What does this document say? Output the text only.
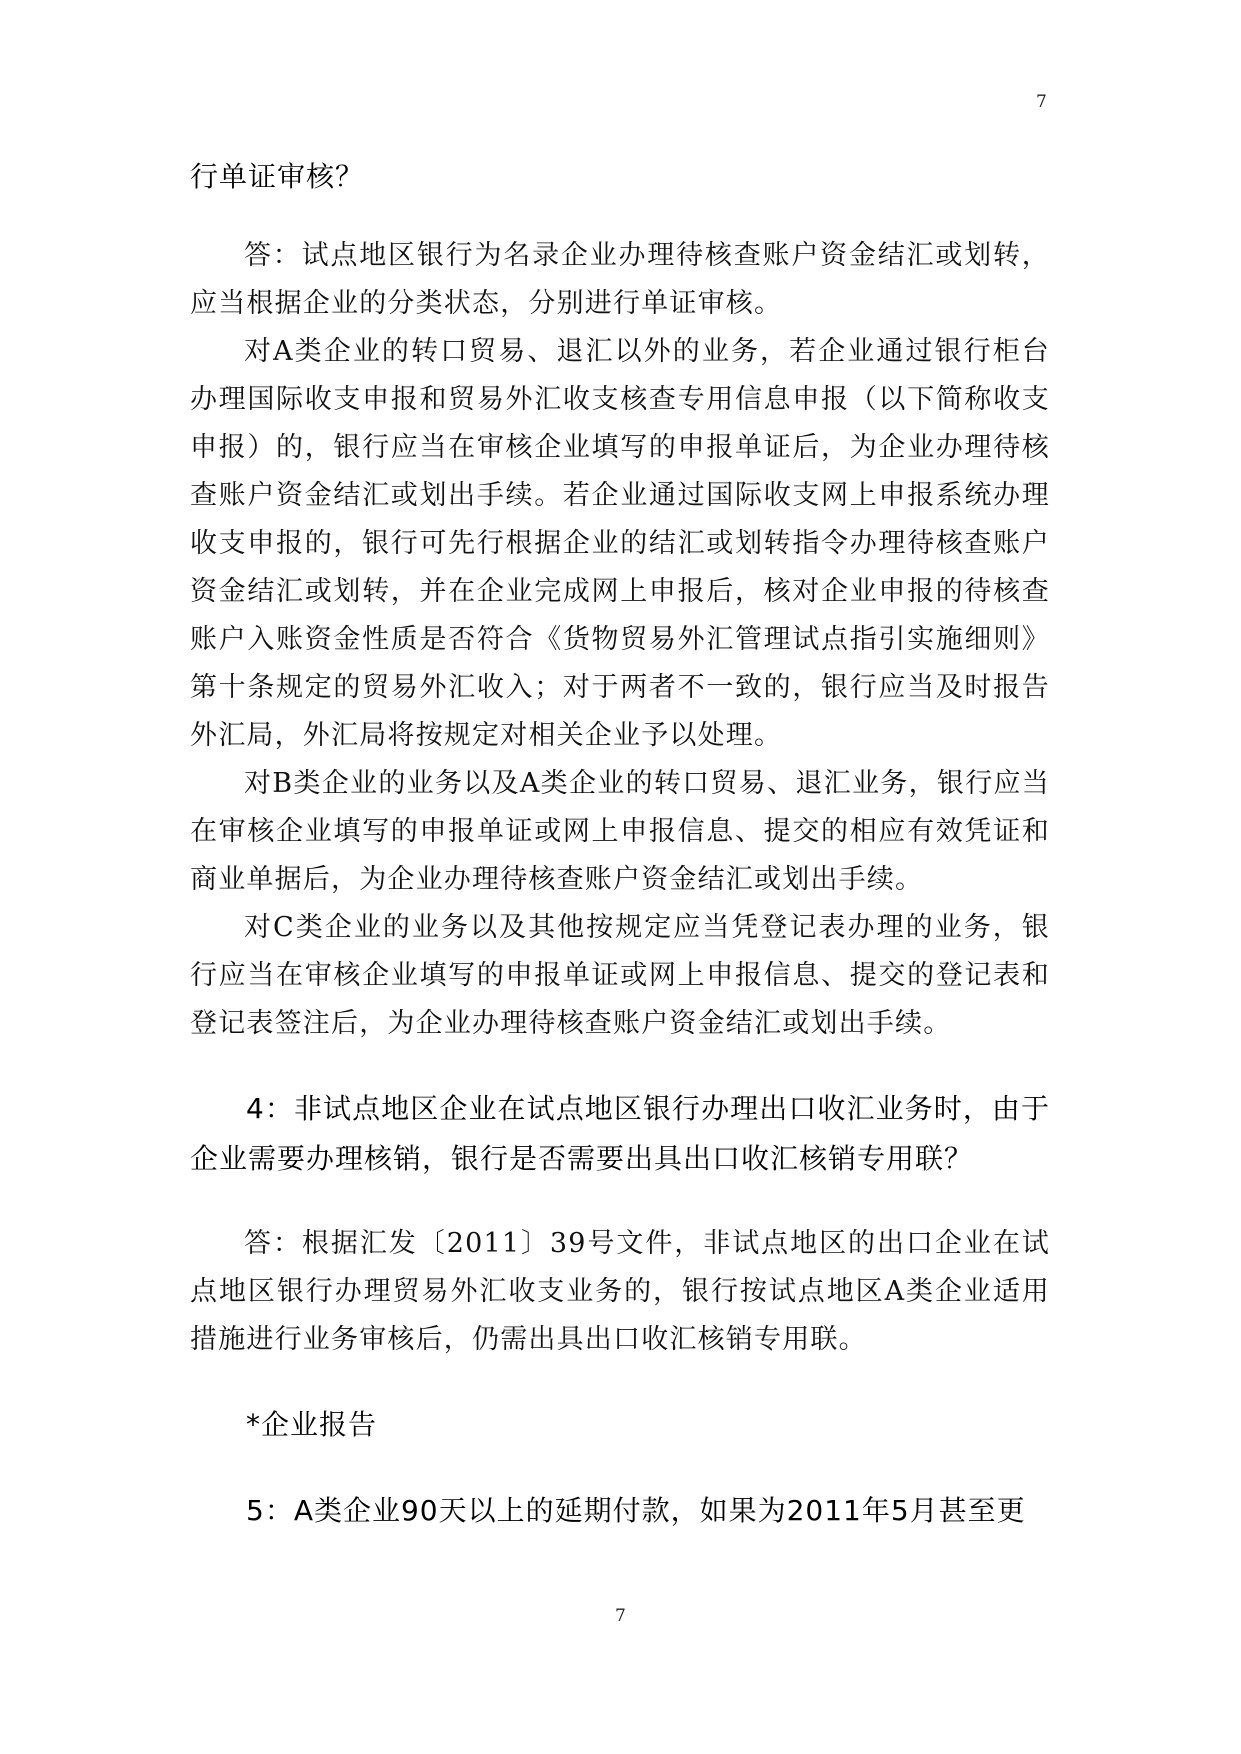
7

行单证审核？

答：试点地区银行为名录企业办理待核查账户资金结汇或划转，应当根据企业的分类状态，分别进行单证审核。

对A类企业的转口贸易、退汇以外的业务，若企业通过银行柜台办理国际收支申报和贸易外汇收支核查专用信息申报（以下简称收支申报）的，银行应当在审核企业填写的申报单证后，为企业办理待核查账户资金结汇或划出手续。若企业通过国际收支网上申报系统办理收支申报的，银行可先行根据企业的结汇或划转指令办理待核查账户资金结汇或划转，并在企业完成网上申报后，核对企业申报的待核查账户入账资金性质是否符合《货物贸易外汇管理试点指引实施细则》第十条规定的贸易外汇收入；对于两者不一致的，银行应当及时报告外汇局，外汇局将按规定对相关企业予以处理。

对B类企业的业务以及A类企业的转口贸易、退汇业务，银行应当在审核企业填写的申报单证或网上申报信息、提交的相应有效凭证和商业单据后，为企业办理待核查账户资金结汇或划出手续。

对C类企业的业务以及其他按规定应当凭登记表办理的业务，银行应当在审核企业填写的申报单证或网上申报信息、提交的登记表和登记表签注后，为企业办理待核查账户资金结汇或划出手续。

4：非试点地区企业在试点地区银行办理出口收汇业务时，由于企业需要办理核销，银行是否需要出具出口收汇核销专用联？

答：根据汇发〔2011〕39号文件，非试点地区的出口企业在试点地区银行办理贸易外汇收支业务的，银行按试点地区A类企业适用措施进行业务审核后，仍需出具出口收汇核销专用联。

*企业报告

5：A类企业90天以上的延期付款，如果为2011年5月甚至更

7
